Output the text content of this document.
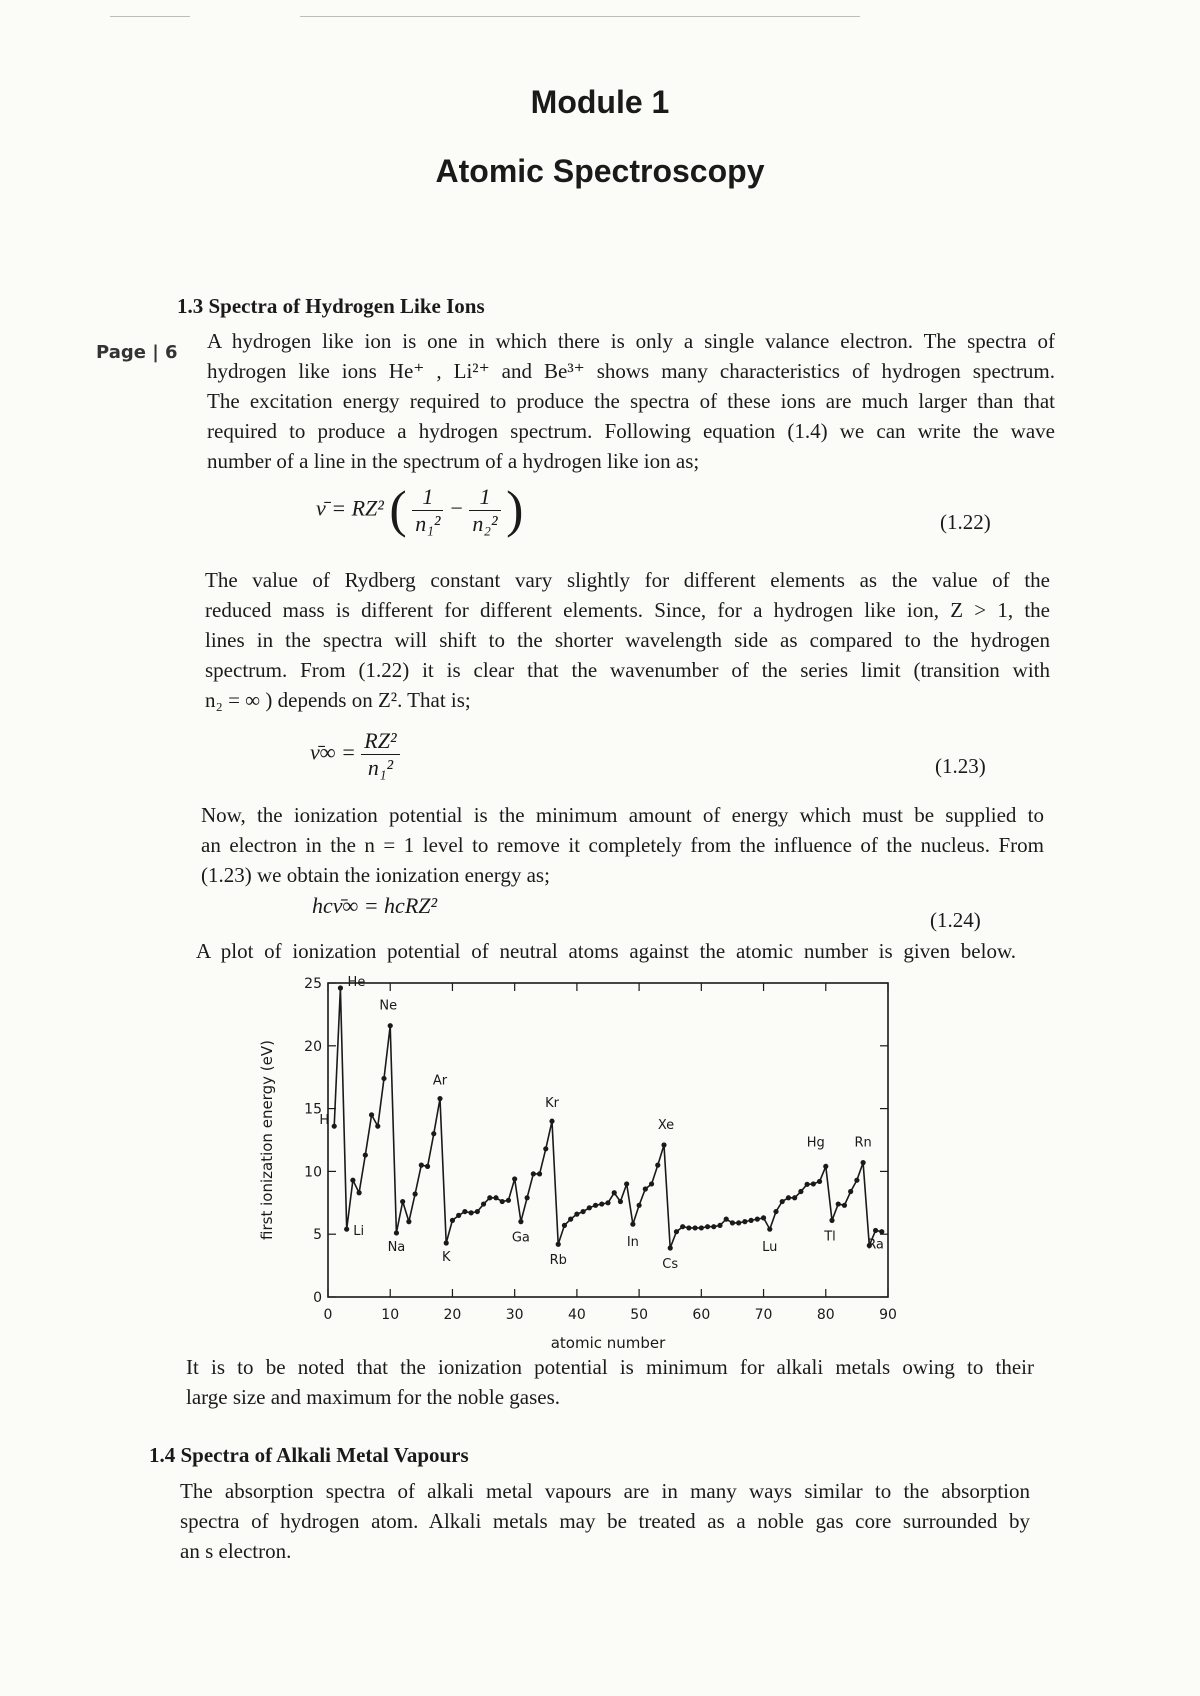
Module 1
Atomic Spectroscopy
Page | 6
1.3 Spectra of Hydrogen Like Ions
A hydrogen like ion is one in which there is only a single valance electron. The spectra of
hydrogen like ions He⁺ , Li²⁺ and Be³⁺ shows many characteristics of hydrogen spectrum.
The excitation energy required to produce the spectra of these ions are much larger than that
required to produce a hydrogen spectrum. Following equation (1.4) we can write the wave
number of a line in the spectrum of a hydrogen like ion as;
ν̄ = RZ² ( $\frac{1}{\text{n₁²}} - \frac{1}{\text{n₂²}}$ )	(1.22)
The value of Rydberg constant vary slightly for different elements as the value of the
reduced mass is different for different elements. Since, for a hydrogen like ion, Z > 1, the
lines in the spectra will shift to the shorter wavelength side as compared to the hydrogen
spectrum. From (1.22) it is clear that the wavenumber of the series limit (transition with
n₂ = ∞ ) depends on Z². That is;
ν̄∞ = $\frac{\text{RZ²}}{\text{n₁²}}$	(1.23)
Now, the ionization potential is the minimum amount of energy which must be supplied to
an electron in the n = 1 level to remove it completely from the influence of the nucleus. From
(1.23) we obtain the ionization energy as;
hcν̄∞ = hcRZ²
(1.24)
A plot of ionization potential of neutral atoms against the atomic number is given below.
0	10	20	30	40	50	60	70	80	90
0
5
10
15
20
25
H
He
Li
Ne
Na
Ar
K
Ga
Kr
Rb
In
Xe
Cs
Lu
Hg
Tl
Rn
Ra
atomic number
first ionization energy (eV)
It is to be noted that the ionization potential is minimum for alkali metals owing to their
large size and maximum for the noble gases.
1.4 Spectra of Alkali Metal Vapours
The absorption spectra of alkali metal vapours are in many ways similar to the absorption
spectra of hydrogen atom. Alkali metals may be treated as a noble gas core surrounded by
an s electron.
